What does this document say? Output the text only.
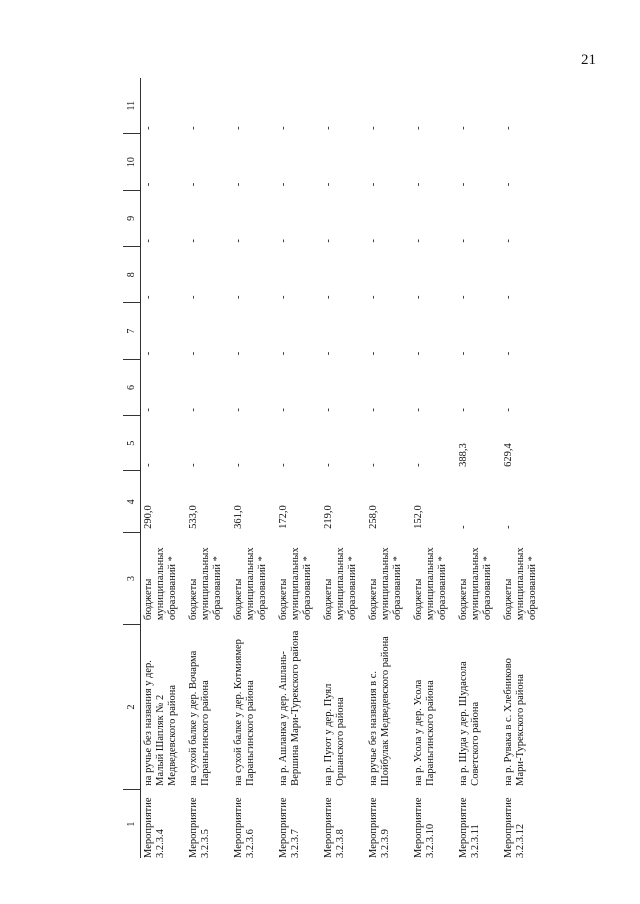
21
1	2	3	4	5	6	7	8	9	10	11
Мероприятие 3.2.3.4	на ручье без названия у дер. Малый Шапляк № 2 Медведевского района	бюджеты муниципальных образований *	290,0	-	-	-	-	-	-	-
Мероприятие 3.2.3.5	на сухой балке у дер. Вочарма Параньгинского района	бюджеты муниципальных образований *	533,0	-	-	-	-	-	-	-
Мероприятие 3.2.3.6	на сухой балке у дер. Котмиямер Параньгинского района	бюджеты муниципальных образований *	361,0	-	-	-	-	-	-	-
Мероприятие 3.2.3.7	на р. Ашланка у дер. Ашлань-Вершина Мари-Турекского района	бюджеты муниципальных образований *	172,0	-	-	-	-	-	-	-
Мероприятие 3.2.3.8	на р. Пуют у дер. Пуял Оршанского района	бюджеты муниципальных образований *	219,0	-	-	-	-	-	-	-
Мероприятие 3.2.3.9	на ручье без названия в с. Шойбулак Медведевского района	бюджеты муниципальных образований *	258,0	-	-	-	-	-	-	-
Мероприятие 3.2.3.10	на р. Усола у дер. Усола Параньгинского района	бюджеты муниципальных образований *	152,0	-	-	-	-	-	-	-
Мероприятие 3.2.3.11	на р. Шуда у дер. Шудасола Советского района	бюджеты муниципальных образований *	-	388,3	-	-	-	-	-	-
Мероприятие 3.2.3.12	на р. Рувака в с. Хлебниково Мари-Турекского района	бюджеты муниципальных образований *	-	629,4	-	-	-	-	-	-
